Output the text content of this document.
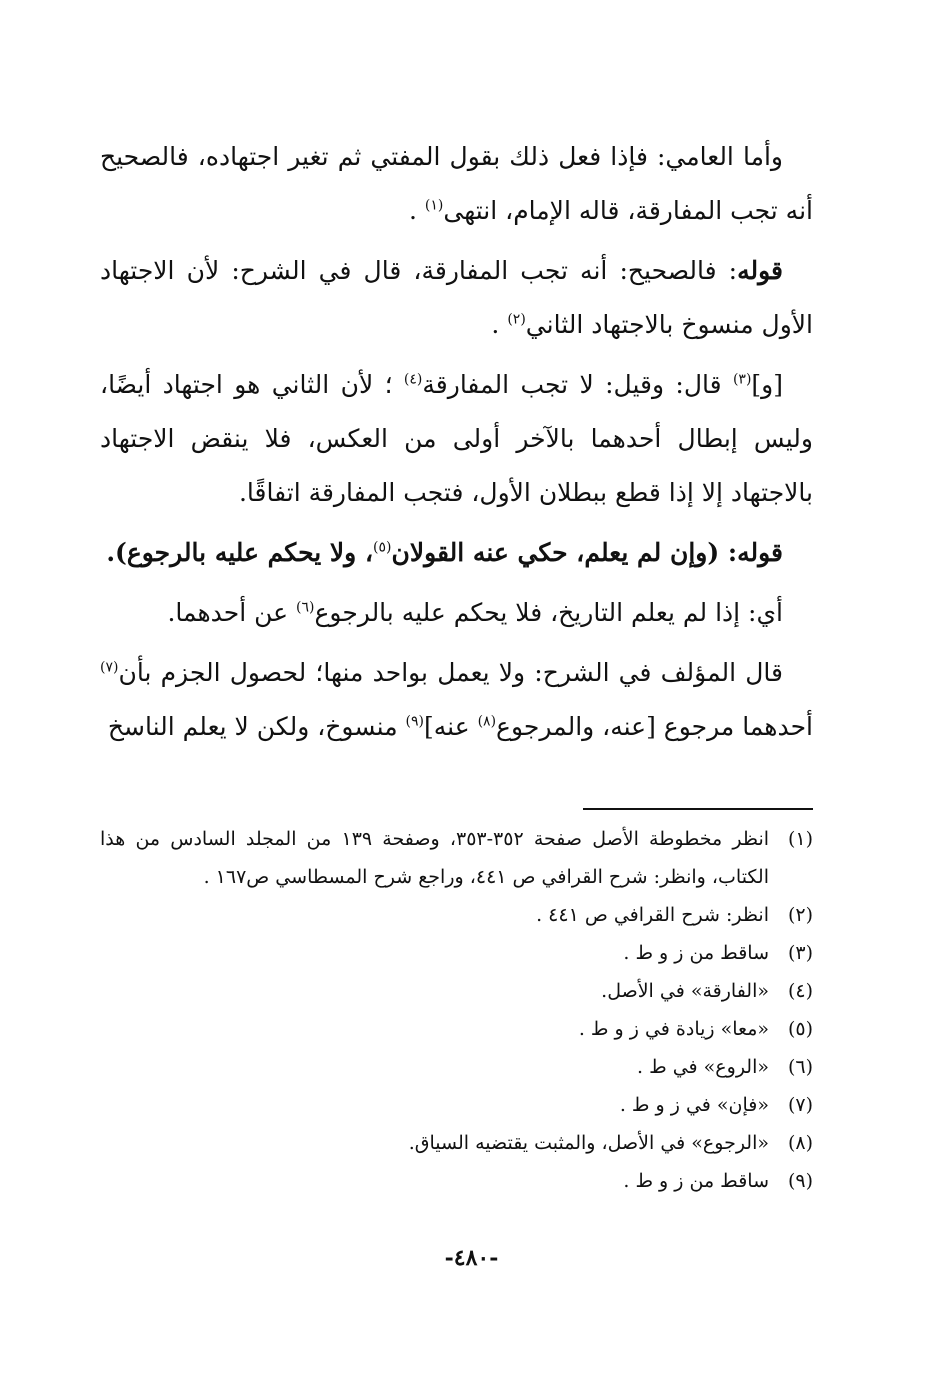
وأما العامي: فإذا فعل ذلك بقول المفتي ثم تغير اجتهاده، فالصحيح أنه تجب المفارقة، قاله الإمام، انتهى$^{(١)}$ .

قوله: فالصحيح: أنه تجب المفارقة، قال في الشرح: لأن الاجتهاد الأول منسوخ بالاجتهاد الثاني$^{(٢)}$ .

[و]$^{(٣)}$ قال: وقيل: لا تجب المفارقة$^{(٤)}$ ؛ لأن الثاني هو اجتهاد أيضًا، وليس إبطال أحدهما بالآخر أولى من العكس، فلا ينقض الاجتهاد بالاجتهاد إلا إذا قطع ببطلان الأول، فتجب المفارقة اتفاقًا.

قوله: (وإن لم يعلم، حكي عنه القولان$^{(٥)}$، ولا يحكم عليه بالرجوع).

أي: إذا لم يعلم التاريخ، فلا يحكم عليه بالرجوع$^{(٦)}$ عن أحدهما.

قال المؤلف في الشرح: ولا يعمل بواحد منها؛ لحصول الجزم بأن$^{(٧)}$ أحدهما مرجوع [عنه، والمرجوع$^{(٨)}$ عنه]$^{(٩)}$ منسوخ، ولكن لا يعلم الناسخ

(١)
انظر مخطوطة الأصل صفحة ٣٥٢-٣٥٣، وصفحة ١٣٩ من المجلد السادس من هذا الكتاب، وانظر: شرح القرافي ص ٤٤١، وراجع شرح المسطاسي ص١٦٧ .
(٢)
انظر: شرح القرافي ص ٤٤١ .
(٣)
ساقط من ز و ط .
(٤)
«الفارقة» في الأصل.
(٥)
«معا» زيادة في ز و ط .
(٦)
«الروع» في ط .
(٧)
«فإن» في ز و ط .
(٨)
«الرجوع» في الأصل، والمثبت يقتضيه السياق.
(٩)
ساقط من ز و ط .
-٤٨٠-
